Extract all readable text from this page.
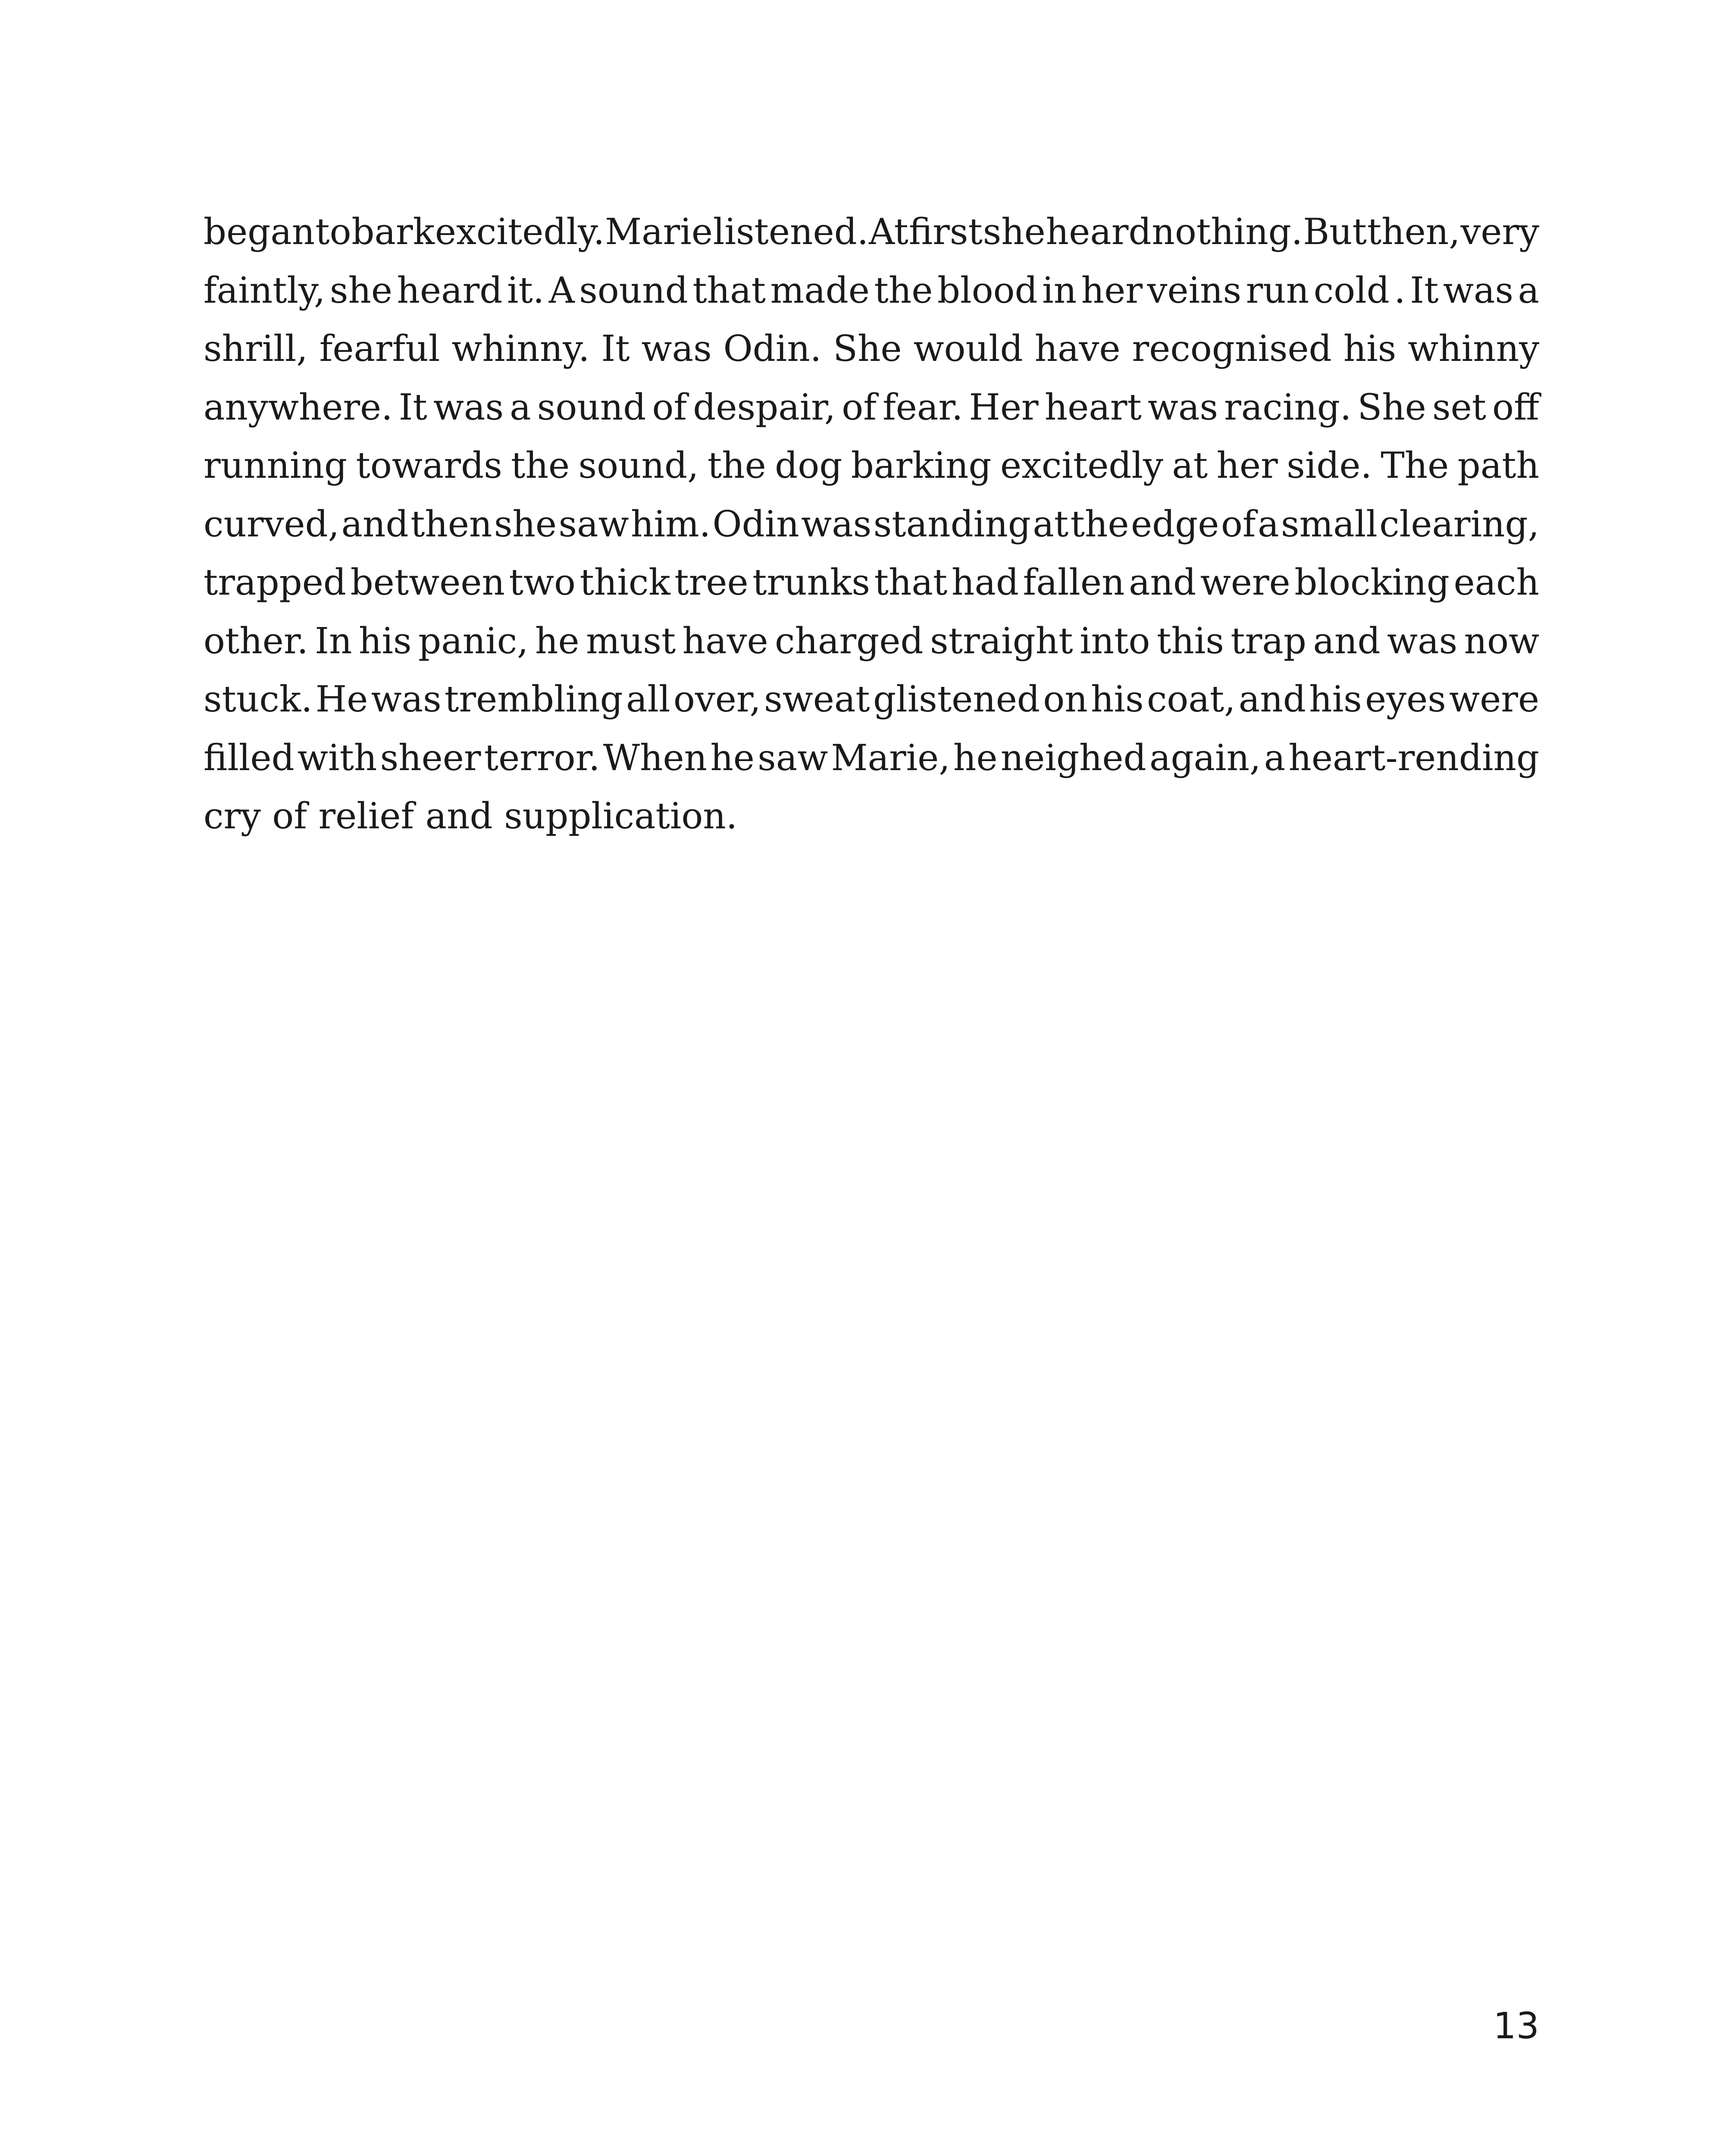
began to bark excitedly. Marie listened. At first she heard nothing. But then, very
faintly, she heard it. A sound that made the blood in her veins run cold . It was a
shrill, fearful whinny. It was Odin. She would have recognised his whinny
anywhere. It was a sound of despair, of fear. Her heart was racing. She set off
running towards the sound, the dog barking excitedly at her side. The path
curved, and then she saw him. Odin was standing at the edge of a small clearing,
trapped between two thick tree trunks that had fallen and were blocking each
other. In his panic, he must have charged straight into this trap and was now
stuck. He was trembling all over, sweat glistened on his coat, and his eyes were
filled with sheer terror. When he saw Marie, he neighed again, a heart-rending
cry of relief and supplication.
13
